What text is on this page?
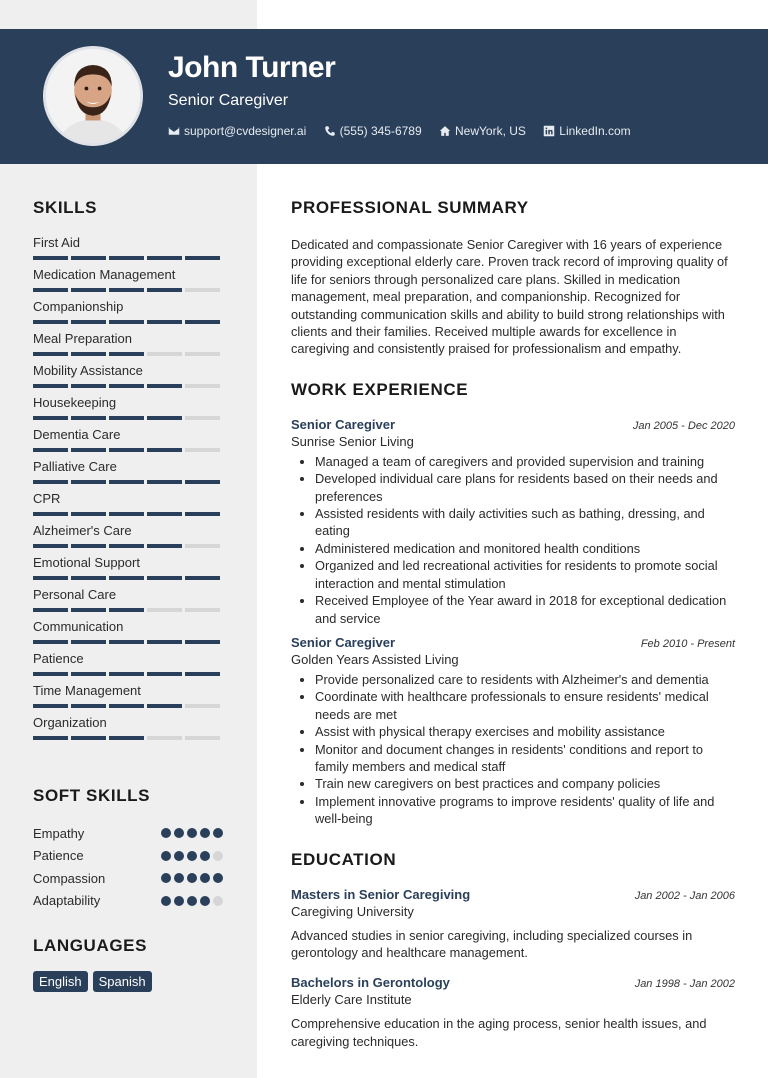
John Turner
Senior Caregiver
support@cvdesigner.ai	(555) 345-6789	NewYork, US	LinkedIn.com
SKILLS
First Aid
Medication Management
Companionship
Meal Preparation
Mobility Assistance
Housekeeping
Dementia Care
Palliative Care
CPR
Alzheimer's Care
Emotional Support
Personal Care
Communication
Patience
Time Management
Organization
SOFT SKILLS
Empathy
Patience
Compassion
Adaptability
LANGUAGES
English	Spanish
PROFESSIONAL SUMMARY
Dedicated and compassionate Senior Caregiver with 16 years of experience providing exceptional elderly care. Proven track record of improving quality of life for seniors through personalized care plans. Skilled in medication management, meal preparation, and companionship. Recognized for outstanding communication skills and ability to build strong relationships with clients and their families. Received multiple awards for excellence in caregiving and consistently praised for professionalism and empathy.
WORK EXPERIENCE
Senior Caregiver	Jan 2005 - Dec 2020
Sunrise Senior Living
• Managed a team of caregivers and provided supervision and training
• Developed individual care plans for residents based on their needs and preferences
• Assisted residents with daily activities such as bathing, dressing, and eating
• Administered medication and monitored health conditions
• Organized and led recreational activities for residents to promote social interaction and mental stimulation
• Received Employee of the Year award in 2018 for exceptional dedication and service
Senior Caregiver	Feb 2010 - Present
Golden Years Assisted Living
• Provide personalized care to residents with Alzheimer's and dementia
• Coordinate with healthcare professionals to ensure residents' medical needs are met
• Assist with physical therapy exercises and mobility assistance
• Monitor and document changes in residents' conditions and report to family members and medical staff
• Train new caregivers on best practices and company policies
• Implement innovative programs to improve residents' quality of life and well-being
EDUCATION
Masters in Senior Caregiving	Jan 2002 - Jan 2006
Caregiving University
Advanced studies in senior caregiving, including specialized courses in gerontology and healthcare management.
Bachelors in Gerontology	Jan 1998 - Jan 2002
Elderly Care Institute
Comprehensive education in the aging process, senior health issues, and caregiving techniques.
